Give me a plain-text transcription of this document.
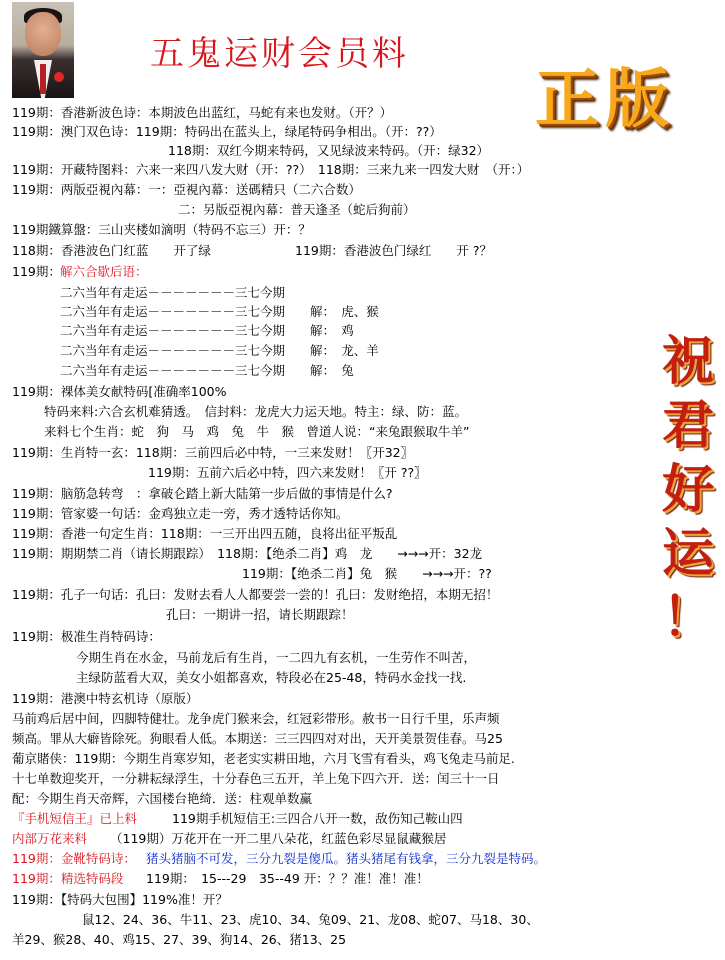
五鬼运财会员料
正版
祝
君
好
运
！
119期：香港新波色诗：本期波色出蓝红，马蛇有来也发财。（开？）
119期：澳门双色诗：119期：特码出在蓝头上，绿尾特码争相出。（开：??）
118期：双红今期来特码，又见绿波来特码。（开：绿32）
119期：开藏特图料：六来一来四八发大财（开：??）　118期：三来九来一四发大财　（开：）
119期：两版亞視內幕：一：亞視內幕：送碼精只（二六合数）
二：另版亞視內幕：普天逢圣（蛇后狗前）
119期鐵算盤：三山夹楼如滴明（特码不忘三）开：？
118期：香港波色门红蓝　　开了绿	119期：香港波色门绿红　　开 ?？
119期： 解六合歇后语：
二六当年有走运－－－－－－－三七今期
二六当年有走运－－－－－－－三七今期　　解：　虎、猴
二六当年有走运－－－－－－－三七今期　　解：　鸡
二六当年有走运－－－－－－－三七今期　　解：　龙、羊
二六当年有走运－－－－－－－三七今期　　解：　兔
119期：裸体美女献特码[准确率100%
特码来料:六合玄机难猜透。　信封料：龙虎大力运天地。特主：绿、防：蓝。
来料七个生肖：蛇　狗　马　鸡　兔　牛　猴　曾道人说：“来兔跟猴取牛羊”
119期：生肖特一玄：118期：三前四后必中特，一三来发财！〖开32〗
119期：五前六后必中特，四六来发财！〖开 ??〗
119期：脑筋急转弯　：拿破仑踏上新大陆第一步后做的事情是什么?
119期：管家婆一句话：金鸡独立走一旁，秀才透特话你知。
119期：香港一句定生肖：118期：一三开出四五随，良将出征平叛乱
119期：期期禁二肖（请长期跟踪）　118期：【绝杀二肖】鸡　龙　　→→→开：32龙
119期：【绝杀二肖】兔　猴　　→→→开：??
119期：孔子一句话：孔曰：发财去看人人都要尝一尝的！孔曰：发财绝招，本期无招！
孔曰：一期讲一招，请长期跟踪！
119期：极准生肖特码诗：
今期生肖在水金，马前龙后有生肖，一二四九有玄机，一生劳作不叫苦，
主绿防蓝看大双，美女小姐都喜欢，特段必在25-48，特码水金找一找.
119期：港澳中特玄机诗（原版）
马前鸡后居中间，四脚特健壮。龙争虎门猴来会，红冠彩带形。赦书一日行千里，乐声频
频高。罪从大癖皆除死。狗眼看人低。本期送：三三四四对对出，天开美景贺佳春。马25
葡京賭侠：119期：今期生肖寒岁知，老老实实耕田地，六月飞雪有看头，鸡飞兔走马前足.
十七单数迎奖开，一分耕耘绿浮生，十分春色三五开，羊上兔下四六开．送：闰三十一日
配：今期生肖天帝辉，六国楼台艳绮．送：柱观单数赢
『手机短信王』已上料	119期手机短信王:三四合八开一数，敌伤知己鞍山四
内部万花来料 （119期）万花开在一开二里八朵花，红蓝色彩尽显鼠藏猴居
119期：金靴特码诗： 猪头猪脑不可发，三分九裂是傻瓜。猪头猪尾有钱拿，三分九裂是特码。
119期：精选特码段 119期：　15---29　35--49 开：？？准！准！准！
119期：【特码大包围】119%准！开？
鼠12、24、36、牛11、23、虎10、34、兔09、21、龙08、蛇07、马18、30、
羊29、猴28、40、鸡15、27、39、狗14、26、猪13、25
